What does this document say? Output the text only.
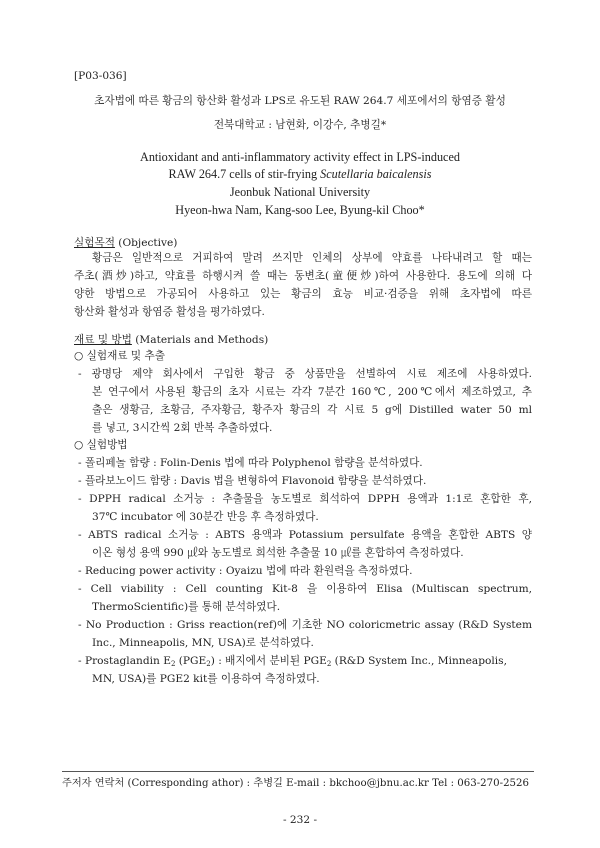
[P03-036]
초자법에 따른 황금의 항산화 활성과 LPS로 유도된 RAW 264.7 세포에서의 항염증 활성
전북대학교 : 남현화, 이강수, 추병길*
Antioxidant and anti-inflammatory activity effect in LPS-induced
RAW 264.7 cells of stir-frying Scutellaria baicalensis
Jeonbuk National University
Hyeon-hwa Nam, Kang-soo Lee, Byung-kil Choo*
실험목적 (Objective)
황금은 일반적으로 거피하여 말려 쓰지만 인체의 상부에 약효를 나타내려고 할 때는
주초(酒炒)하고, 약효를 하행시켜 쓸 때는 동변초(童便炒)하여 사용한다. 용도에 의해 다
양한 방법으로 가공되어 사용하고 있는 황금의 효능 비교·검증을 위해 초자법에 따른
항산화 활성과 항염증 활성을 평가하였다.
재료 및 방법 (Materials and Methods)
○ 실험재료 및 추출
- 광명당 제약 회사에서 구입한 황금 중 상품만을 선별하여 시료 제조에 사용하였다.
본 연구에서 사용된 황금의 초자 시료는 각각 7분간 160℃, 200℃에서 제조하였고, 추
출은 생황금, 초황금, 주자황금, 황주자 황금의 각 시료 5 g에 Distilled water 50 ml
를 넣고, 3시간씩 2회 반복 추출하였다.
○ 실험방법
- 폴리페놀 함량 : Folin-Denis 법에 따라 Polyphenol 함량을 분석하였다.
- 플라보노이드 함량 : Davis 법을 변형하여 Flavonoid 함량을 분석하였다.
- DPPH radical 소거능 : 추출물을 농도별로 희석하여 DPPH 용액과 1:1로 혼합한 후,
37℃ incubator 에 30분간 반응 후 측정하였다.
- ABTS radical 소거능 : ABTS 용액과 Potassium persulfate 용액을 혼합한 ABTS 양
이온 형성 용액 990 ㎕와 농도별로 희석한 추출물 10 ㎕를 혼합하여 측정하였다.
- Reducing power activity : Oyaizu 법에 따라 환원력을 측정하였다.
- Cell viability : Cell counting Kit-8 을 이용하여 Elisa (Multiscan spectrum,
ThermoScientific)를 통해 분석하였다.
- No Production : Griss reaction(ref)에 기초한 NO coloricmetric assay (R&D System
Inc., Minneapolis, MN, USA)로 분석하였다.
- Prostaglandin $E_2$ $(PGE_2)$ : 배지에서 분비된 $PGE_2$ (R&D System Inc., Minneapolis,
MN, USA)를 PGE2 kit를 이용하여 측정하였다.
주저자 연락처 (Corresponding athor) : 추병길 E-mail : bkchoo@jbnu.ac.kr Tel : 063-270-2526
- 232 -
